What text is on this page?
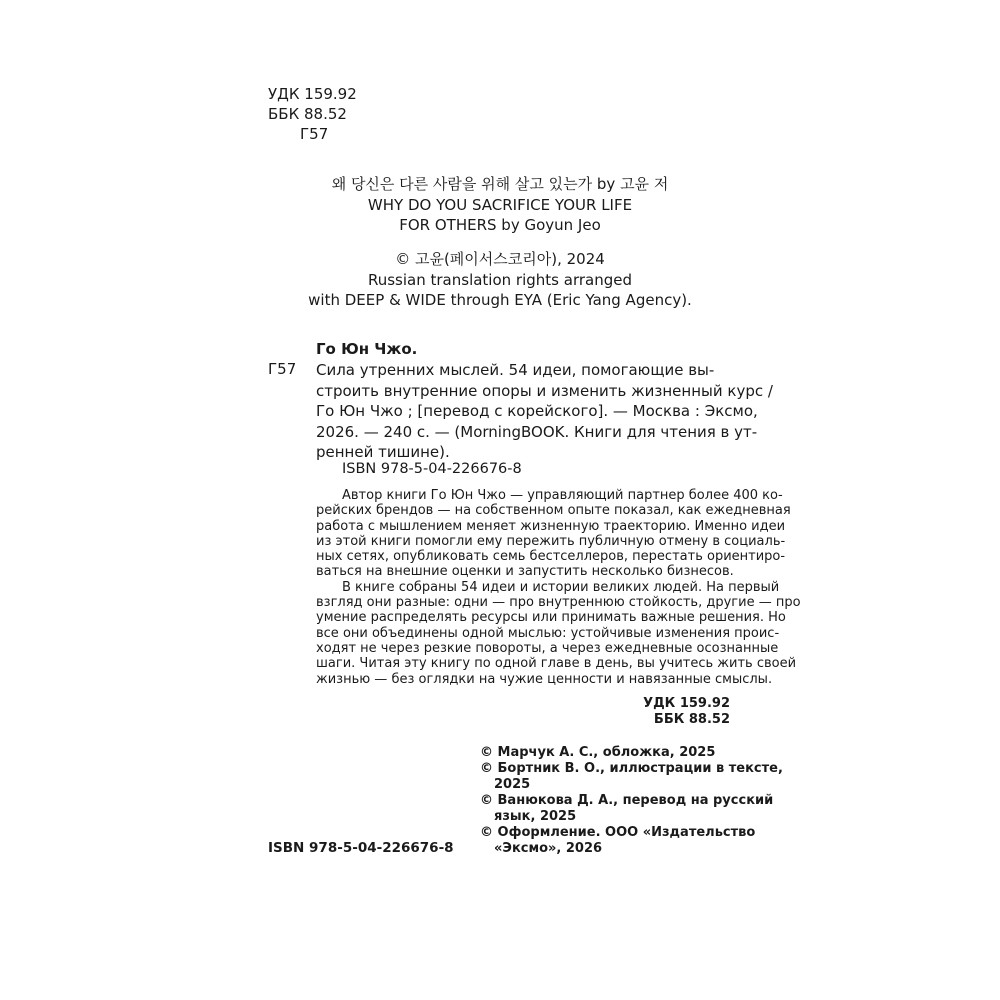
УДК 159.92
ББК 88.52
Г57
왜 당신은 다른 사람을 위해 살고 있는가 by 고윤 저
WHY DO YOU SACRIFICE YOUR LIFE
FOR OTHERS by Goyun Jeo
© 고윤(페이서스코리아), 2024
Russian translation rights arranged
with DEEP & WIDE through EYA (Eric Yang Agency).
Го Юн Чжо.
Г57 Сила утренних мыслей. 54 идеи, помогающие вы-
строить внутренние опоры и изменить жизненный курс /
Го Юн Чжо ; [перевод с корейского]. — Москва : Эксмо,
2026. — 240 с. — (MorningBOOK. Книги для чтения в ут-
ренней тишине).
ISBN 978-5-04-226676-8
Автор книги Го Юн Чжо — управляющий партнер более 400 ко-
рейских брендов — на собственном опыте показал, как ежедневная
работа с мышлением меняет жизненную траекторию. Именно идеи
из этой книги помогли ему пережить публичную отмену в социаль-
ных сетях, опубликовать семь бестселлеров, перестать ориентиро-
ваться на внешние оценки и запустить несколько бизнесов.
В книге собраны 54 идеи и истории великих людей. На первый
взгляд они разные: одни — про внутреннюю стойкость, другие — про
умение распределять ресурсы или принимать важные решения. Но
все они объединены одной мыслью: устойчивые изменения проис-
ходят не через резкие повороты, а через ежедневные осознанные
шаги. Читая эту книгу по одной главе в день, вы учитесь жить своей
жизнью — без оглядки на чужие ценности и навязанные смыслы.
УДК 159.92
ББК 88.52
© Марчук А. С., обложка, 2025
© Бортник В. О., иллюстрации в тексте,
2025
© Ванюкова Д. А., перевод на русский
язык, 2025
© Оформление. ООО «Издательство
«Эксмо», 2026
ISBN 978-5-04-226676-8
